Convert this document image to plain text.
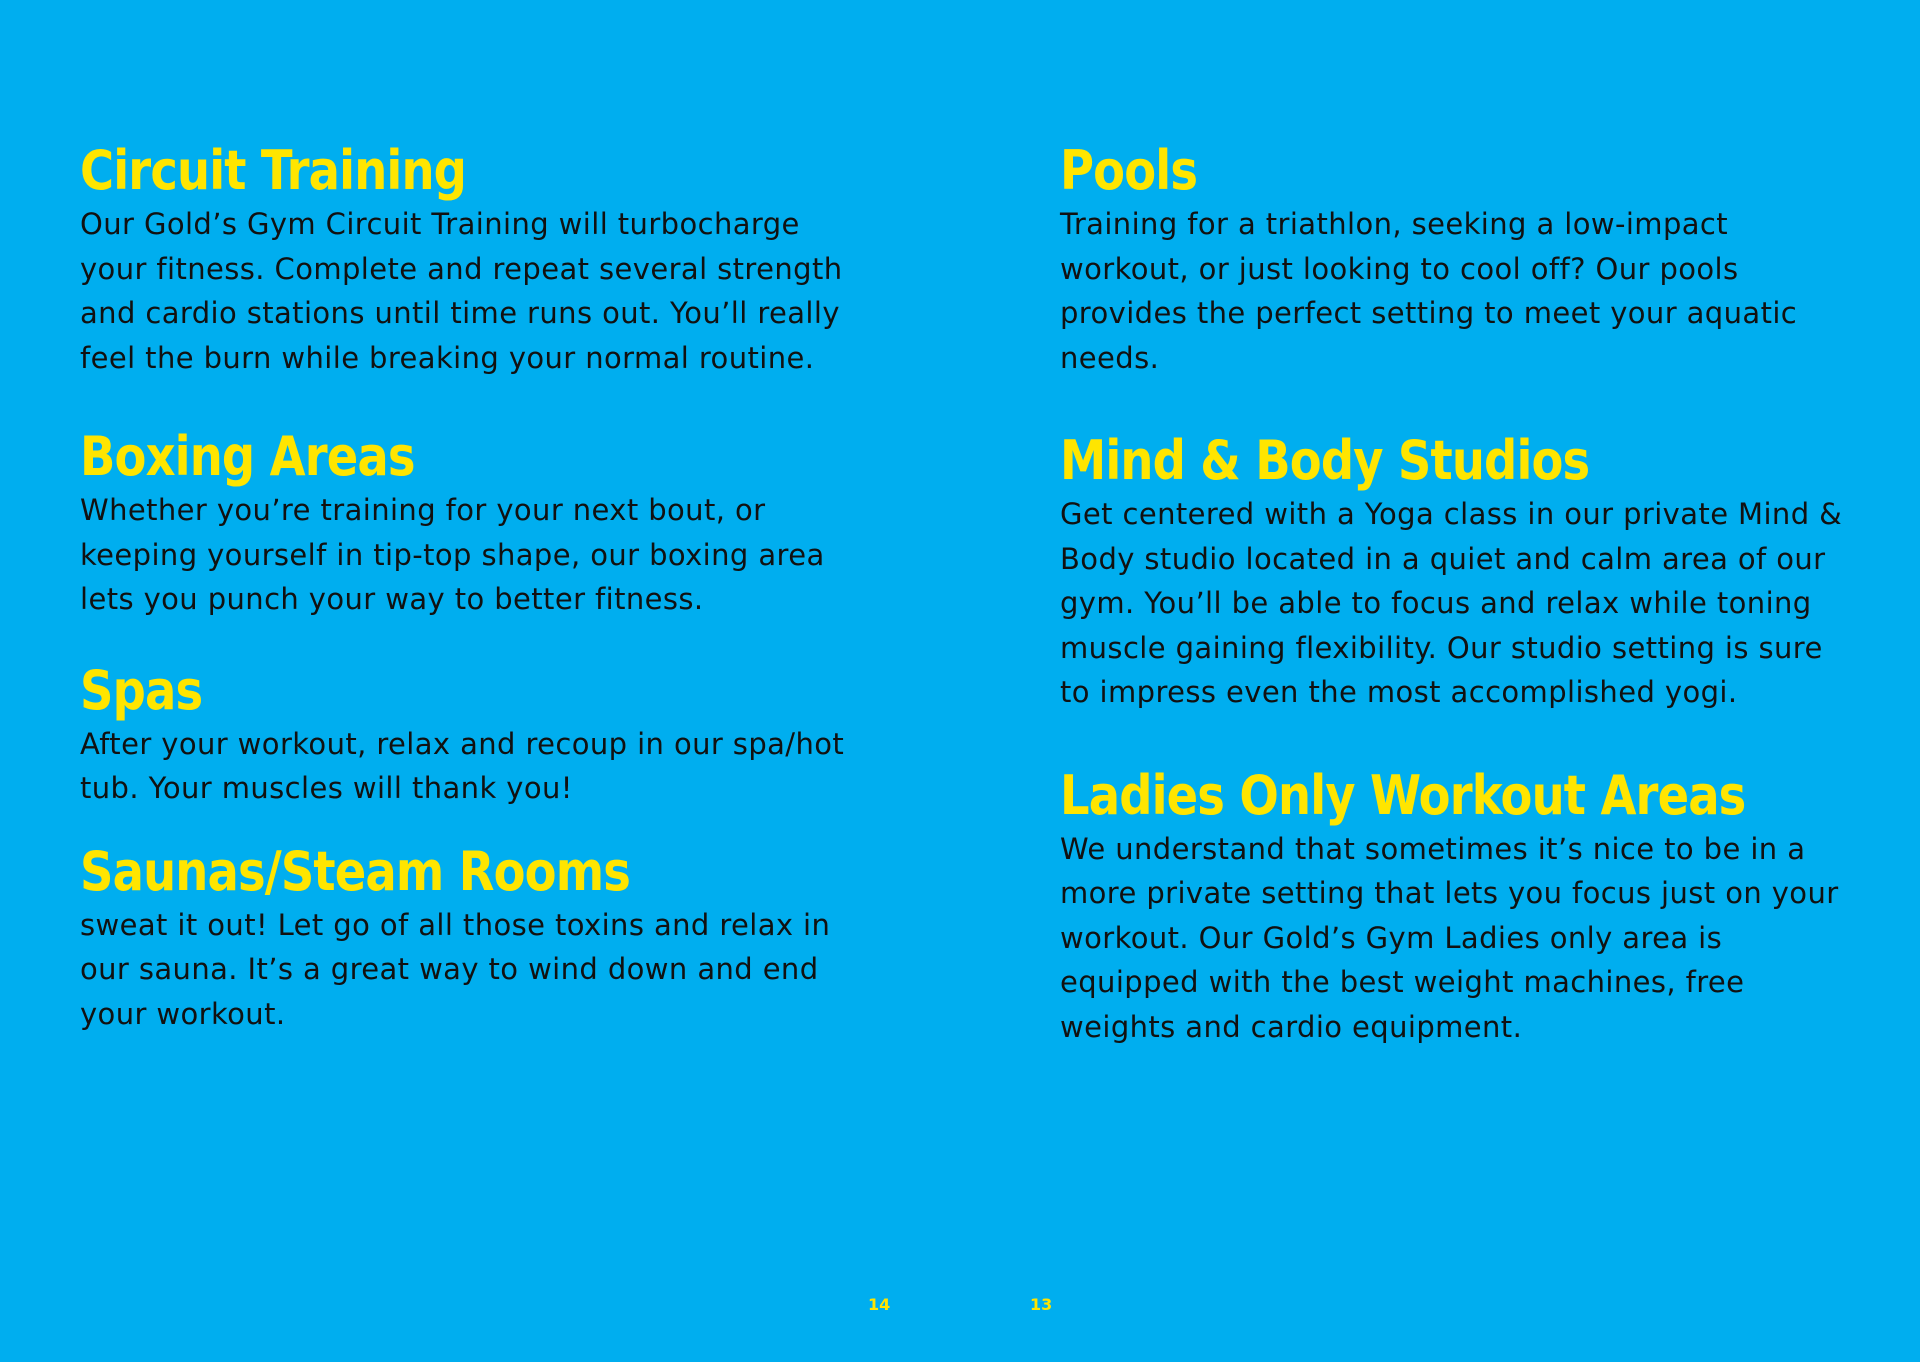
Circuit Training

Our Gold’s Gym Circuit Training will turbocharge your fitness. Complete and repeat several strength and cardio stations until time runs out. You’ll really feel the burn while breaking your normal routine.

Boxing Areas

Whether you’re training for your next bout, or keeping yourself in tip-top shape, our boxing area lets you punch your way to better fitness.

Spas

After your workout, relax and recoup in our spa/hot tub. Your muscles will thank you!

Saunas/Steam Rooms

sweat it out! Let go of all those toxins and relax in our sauna. It’s a great way to wind down and end your workout.

Pools

Training for a triathlon, seeking a low-impact workout, or just looking to cool off? Our pools provides the perfect setting to meet your aquatic needs.

Mind & Body Studios

Get centered with a Yoga class in our private Mind & Body studio located in a quiet and calm area of our gym. You’ll be able to focus and relax while toning muscle gaining flexibility. Our studio setting is sure to impress even the most accomplished yogi.

Ladies Only Workout Areas

We understand that sometimes it’s nice to be in a more private setting that lets you focus just on your workout. Our Gold’s Gym Ladies only area is equipped with the best weight machines, free weights and cardio equipment.

14	13
